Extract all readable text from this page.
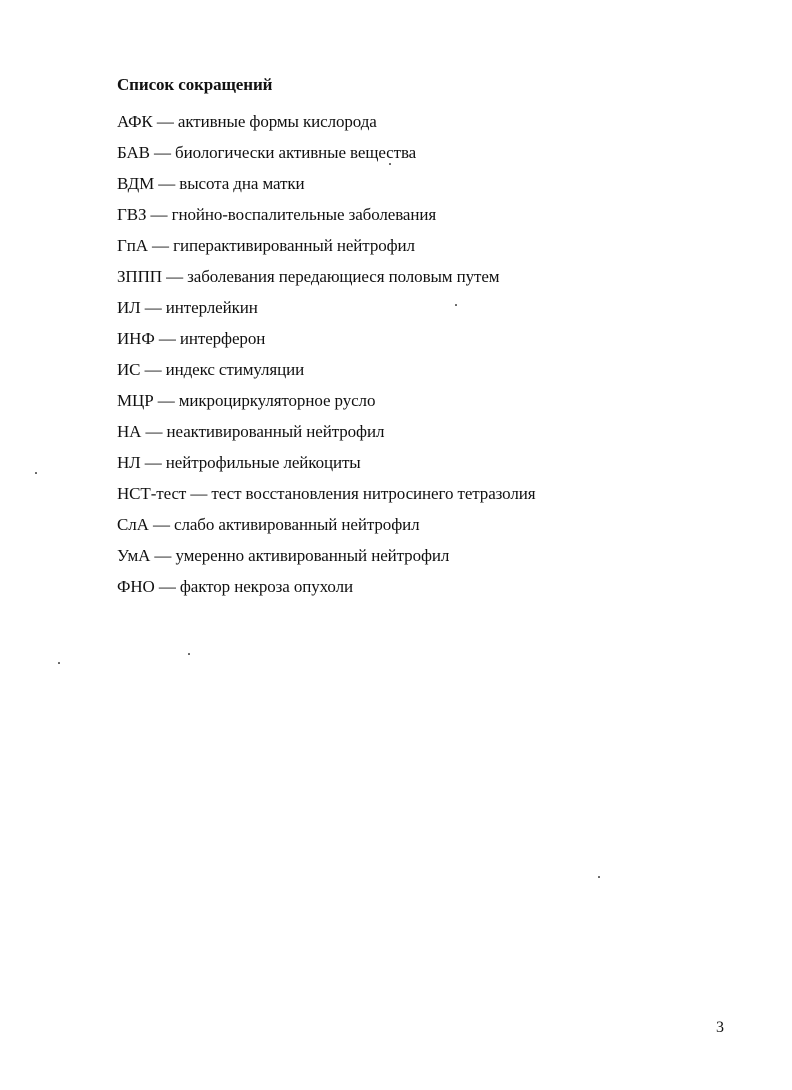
Список сокращений
АФК — активные формы кислорода
БАВ — биологически активные вещества
ВДМ — высота дна матки
ГВЗ — гнойно-воспалительные заболевания
ГпА — гиперактивированный нейтрофил
ЗППП — заболевания передающиеся половым путем
ИЛ — интерлейкин
ИНФ — интерферон
ИС — индекс стимуляции
МЦР — микроциркуляторное русло
НА — неактивированный нейтрофил
НЛ — нейтрофильные лейкоциты
НСТ-тест — тест восстановления нитросинего тетразолия
СлА — слабо активированный нейтрофил
УмА — умеренно активированный нейтрофил
ФНО — фактор некроза опухоли
3
